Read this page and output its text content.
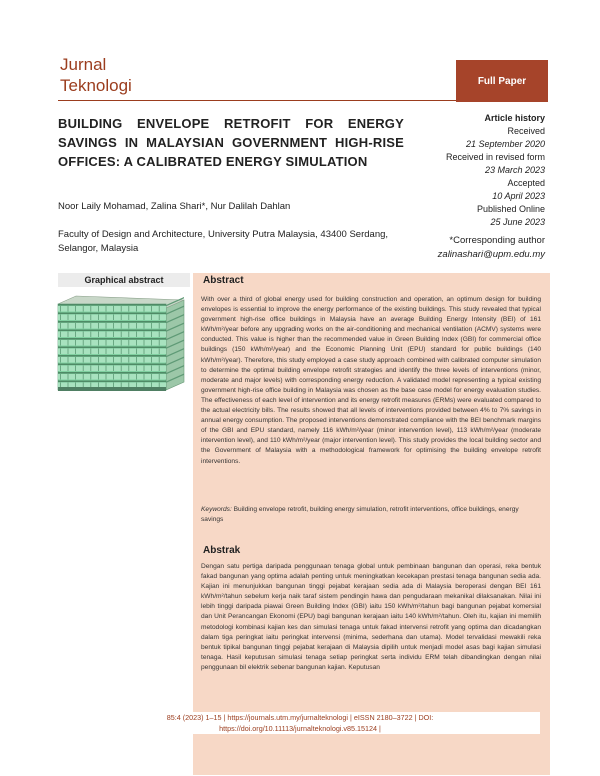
Jurnal
Teknologi	Full Paper
BUILDING ENVELOPE RETROFIT FOR ENERGY SAVINGS IN MALAYSIAN GOVERNMENT HIGH-RISE OFFICES: A CALIBRATED ENERGY SIMULATION
Noor Laily Mohamad, Zalina Shari*, Nur Dalilah Dahlan
Faculty of Design and Architecture, University Putra Malaysia, 43400 Serdang, Selangor, Malaysia
Article history
Received
21 September 2020
Received in revised form
23 March 2023
Accepted
10 April 2023
Published Online
25 June 2023
*Corresponding author
zalinashari@upm.edu.my
Graphical abstract	Abstract
With over a third of global energy used for building construction and operation, an optimum design for building envelopes is essential to improve the energy performance of the existing buildings. This study revealed that typical government high-rise office buildings in Malaysia have an average Building Energy Intensity (BEI) of 161 kWh/m²/year before any upgrading works on the air-conditioning and mechanical ventilation (ACMV) systems were conducted. This value is higher than the recommended value in Green Building Index (GBI) for commercial office buildings (150 kWh/m²/year) and the Economic Planning Unit (EPU) standard for public buildings (140 kWh/m²/year). Therefore, this study employed a case study approach combined with calibrated computer simulation to determine the optimal building envelope retrofit strategies and identify the three levels of interventions (minor, moderate and major levels) with corresponding energy reduction. A validated model representing a typical existing government high-rise office building in Malaysia was chosen as the base case model for energy evaluation studies. The effectiveness of each level of intervention and its energy retrofit measures (ERMs) were evaluated compared to the actual electricity bills. The results showed that all levels of interventions provided between 4% to 7% savings in annual energy consumption. The proposed interventions demonstrated compliance with the BEI benchmark margins of the GBI and EPU standard, namely 116 kWh/m²/year (minor intervention level), 113 kWh/m²/year (moderate intervention level), and 110 kWh/m²/year (major intervention level). This study provides the local building sector and the Government of Malaysia with a methodological framework for optimising the building envelope retrofit interventions.
Keywords: Building envelope retrofit, building energy simulation, retrofit interventions, office buildings, energy savings
Abstrak
Dengan satu pertiga daripada penggunaan tenaga global untuk pembinaan bangunan dan operasi, reka bentuk fakad bangunan yang optima adalah penting untuk meningkatkan kecekapan prestasi tenaga bangunan sedia ada. Kajian ini menunjukkan bangunan tinggi pejabat kerajaan sedia ada di Malaysia beroperasi dengan BEI 161 kWh/m²/tahun sebelum kerja naik taraf sistem pendingin hawa dan pengudaraan mekanikal dilaksanakan. Nilai ini lebih tinggi daripada piawai Green Building Index (GBI) iaitu 150 kWh/m²/tahun bagi bangunan pejabat komersial dan Unit Perancangan Ekonomi (EPU) bagi bangunan kerajaan iaitu 140 kWh/m²/tahun. Oleh itu, kajian ini memilih metodologi kombinasi kajian kes dan simulasi tenaga untuk fakad intervensi retrofit yang optima dan dicadangkan dalam tiga peringkat iaitu peringkat intervensi (minima, sederhana dan utama). Model tervalidasi mewakili reka bentuk tipikal bangunan tinggi pejabat kerajaan di Malaysia dipilih untuk menjadi model asas bagi kajian simulasi tenaga. Hasil keputusan simulasi tenaga setiap peringkat serta individu ERM telah dibandingkan dengan nilai penggunaan bil elektrik sebenar bangunan kajian. Keputusan
85:4 (2023) 1–15 | https://journals.utm.my/jurnalteknologi | eISSN 2180–3722 | DOI:
https://doi.org/10.11113/jurnalteknologi.v85.15124 |
